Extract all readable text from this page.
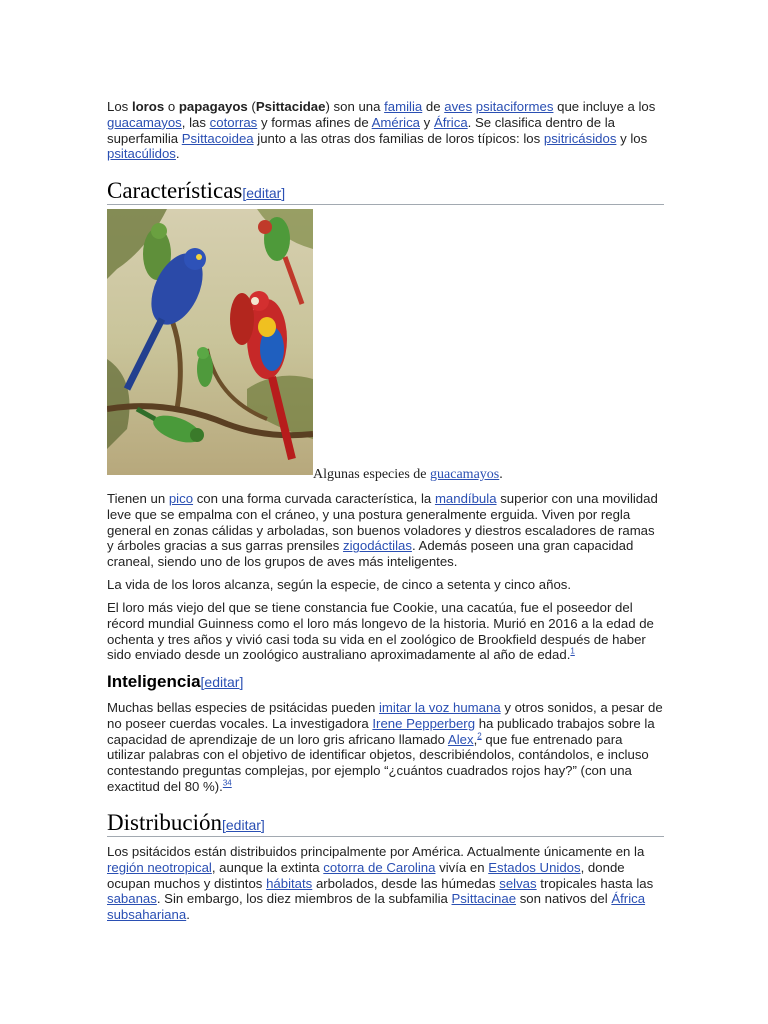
Los loros o papagayos (Psittacidae) son una familia de aves psitaciformes que incluye a los guacamayos, las cotorras y formas afines de América y África. Se clasifica dentro de la superfamilia Psittacoidea junto a las otras dos familias de loros típicos: los psitricásidos y los psitacúlidos.

Características[editar]
Algunas especies de guacamayos.

Tienen un pico con una forma curvada característica, la mandíbula superior con una movilidad leve que se empalma con el cráneo, y una postura generalmente erguida. Viven por regla general en zonas cálidas y arboladas, son buenos voladores y diestros escaladores de ramas y árboles gracias a sus garras prensiles zigodáctilas. Además poseen una gran capacidad craneal, siendo uno de los grupos de aves más inteligentes.

La vida de los loros alcanza, según la especie, de cinco a setenta y cinco años.

El loro más viejo del que se tiene constancia fue Cookie, una cacatúa, fue el poseedor del récord mundial Guinness como el loro más longevo de la historia. Murió en 2016 a la edad de ochenta y tres años y vivió casi toda su vida en el zoológico de Brookfield después de haber sido enviado desde un zoológico australiano aproximadamente al año de edad.$^1$

Inteligencia[editar]

Muchas bellas especies de psitácidas pueden imitar la voz humana y otros sonidos, a pesar de no poseer cuerdas vocales. La investigadora Irene Pepperberg ha publicado trabajos sobre la capacidad de aprendizaje de un loro gris africano llamado Alex,$^2$ que fue entrenado para utilizar palabras con el objetivo de identificar objetos, describiéndolos, contándolos, e incluso contestando preguntas complejas, por ejemplo “¿cuántos cuadrados rojos hay?” (con una exactitud del 80 %).$^{34}$

Distribución[editar]

Los psitácidos están distribuidos principalmente por América. Actualmente únicamente en la región neotropical, aunque la extinta cotorra de Carolina vivía en Estados Unidos, donde ocupan muchos y distintos hábitats arbolados, desde las húmedas selvas tropicales hasta las sabanas. Sin embargo, los diez miembros de la subfamilia Psittacinae son nativos del África subsahariana.
